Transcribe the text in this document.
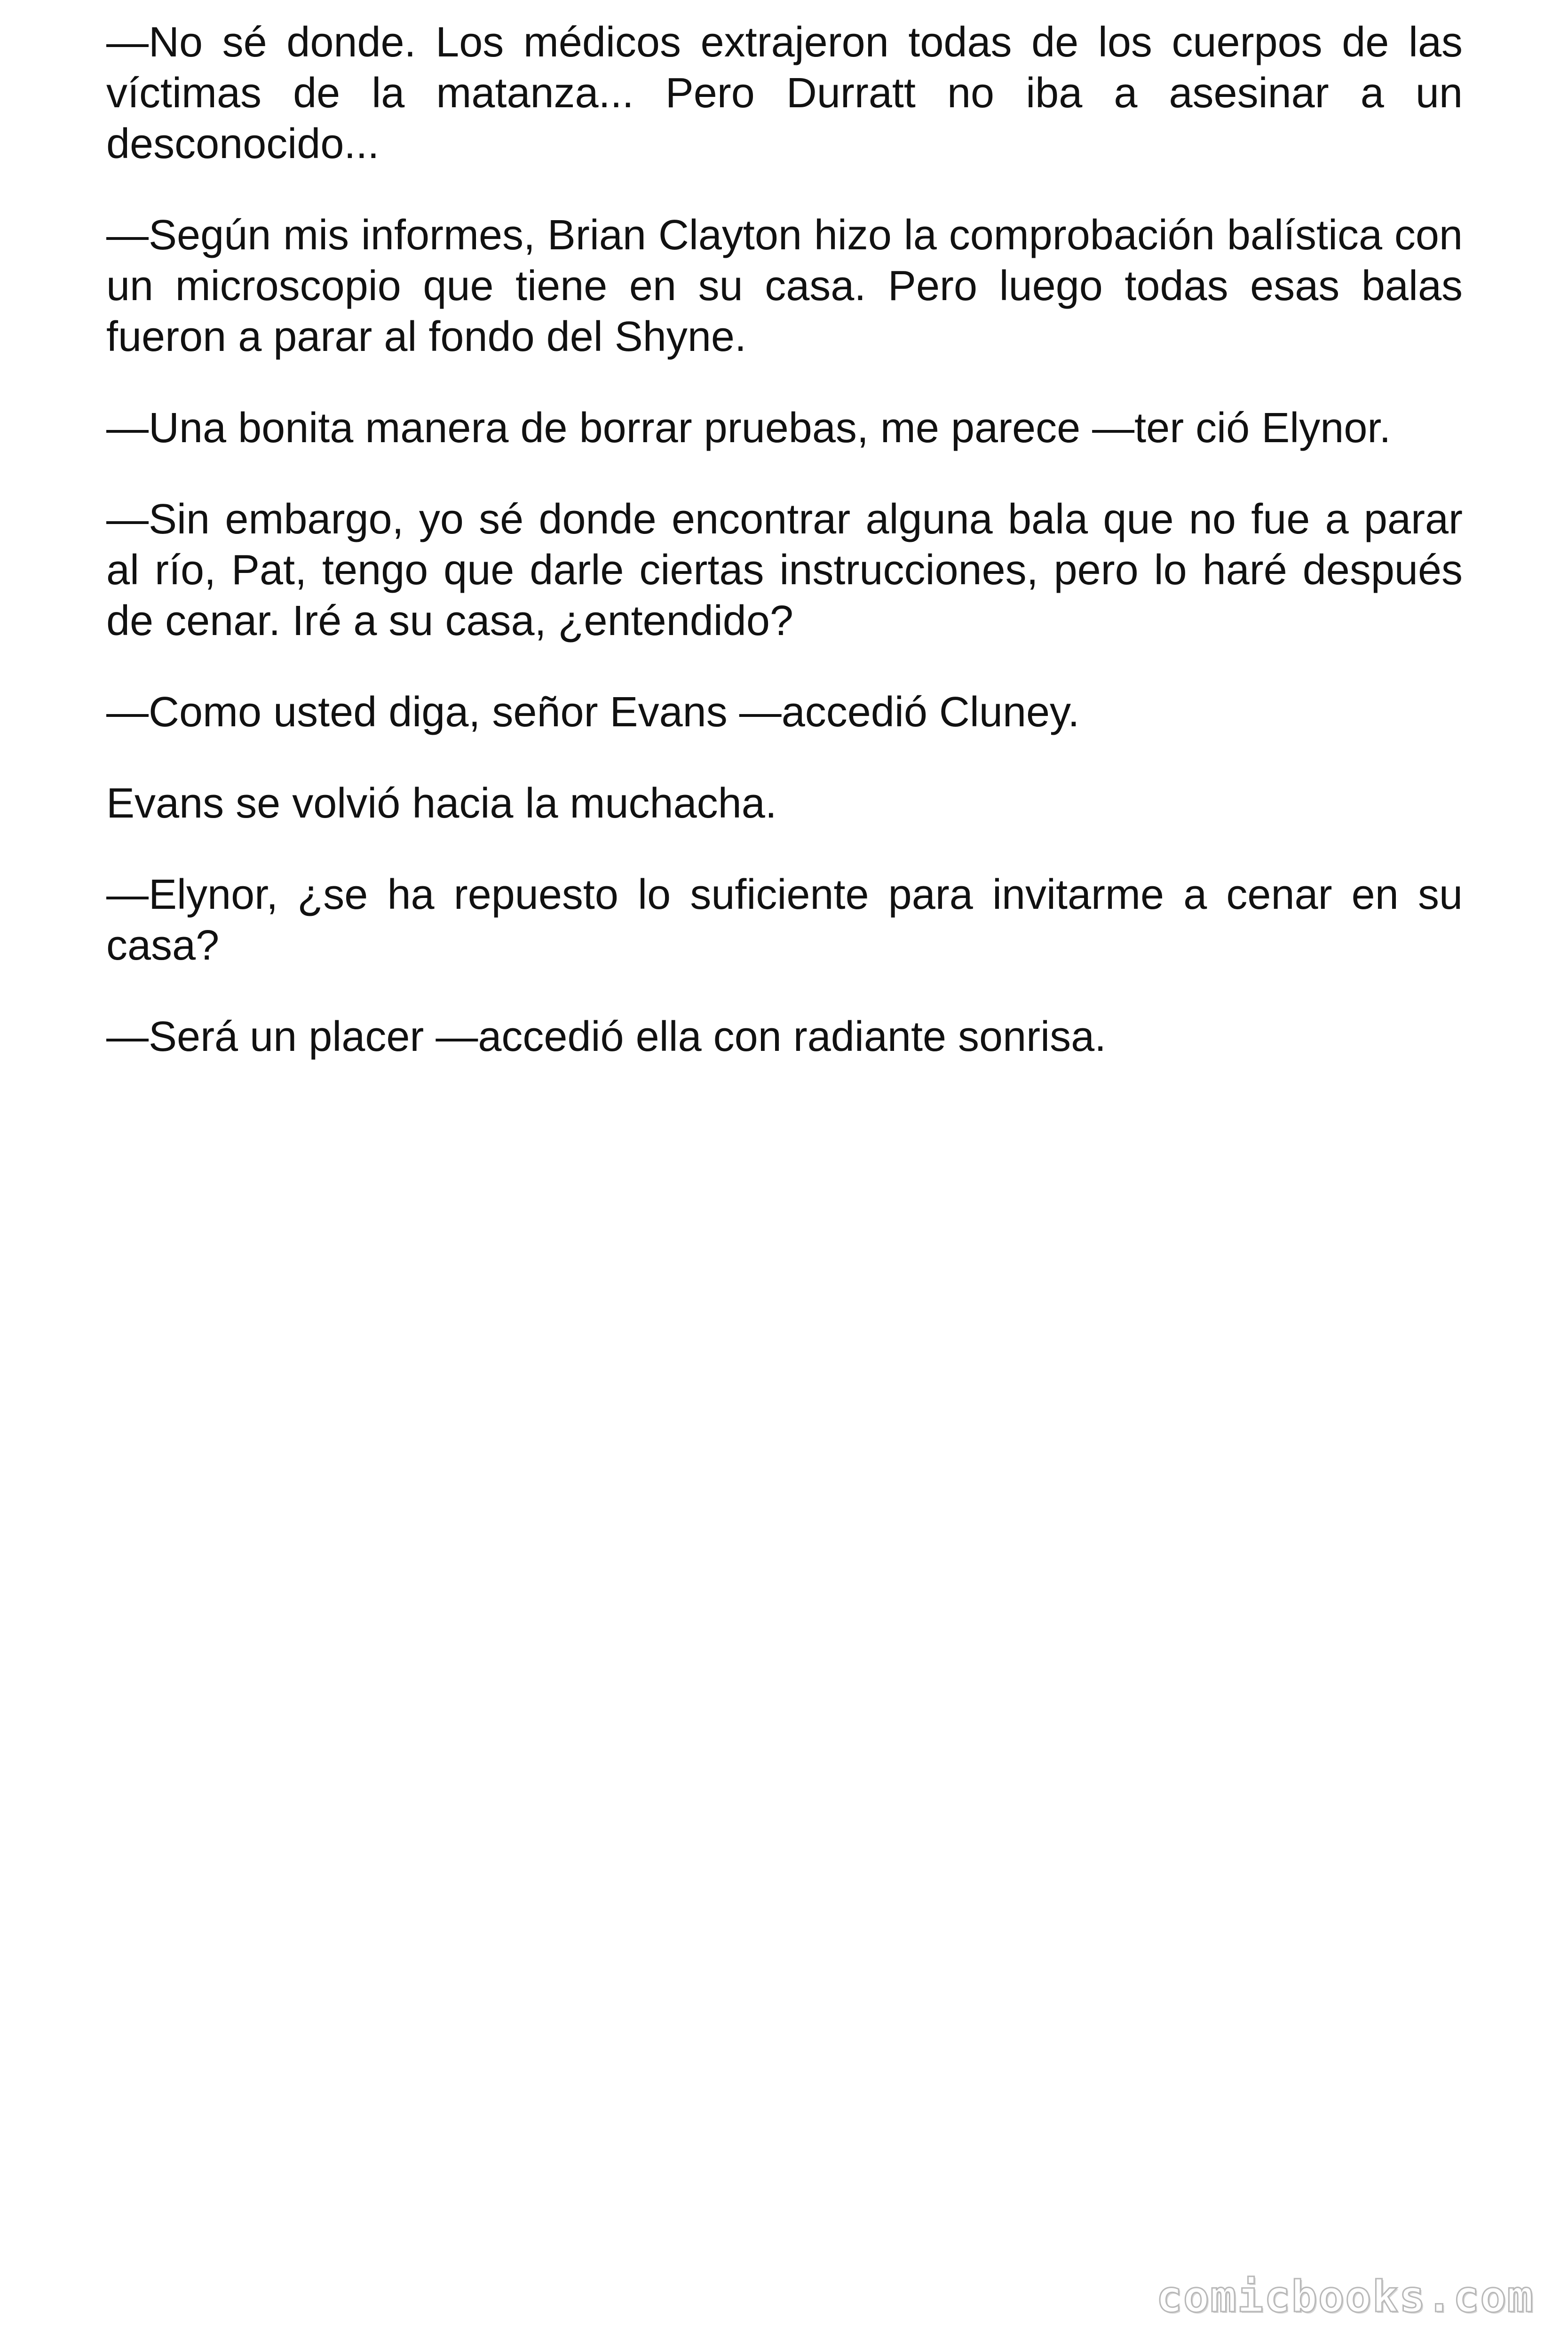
—No sé donde. Los médicos extrajeron todas de los cuerpos de las víctimas de la matanza... Pero Durratt no iba a asesinar a un desconocido...

—Según mis informes, Brian Clayton hizo la comprobación balística con un microscopio que tiene en su casa. Pero luego todas esas balas fueron a parar al fondo del Shyne.

—Una bonita manera de borrar pruebas, me parece —ter ció Elynor.

—Sin embargo, yo sé donde encontrar alguna bala que no fue a parar al río, Pat, tengo que darle ciertas instrucciones, pero lo haré después de cenar. Iré a su casa, ¿entendido?

—Como usted diga, señor Evans —accedió Cluney.

Evans se volvió hacia la muchacha.

—Elynor, ¿se ha repuesto lo suficiente para invitarme a cenar en su casa?

—Será un placer —accedió ella con radiante sonrisa.

comicbooks.com
